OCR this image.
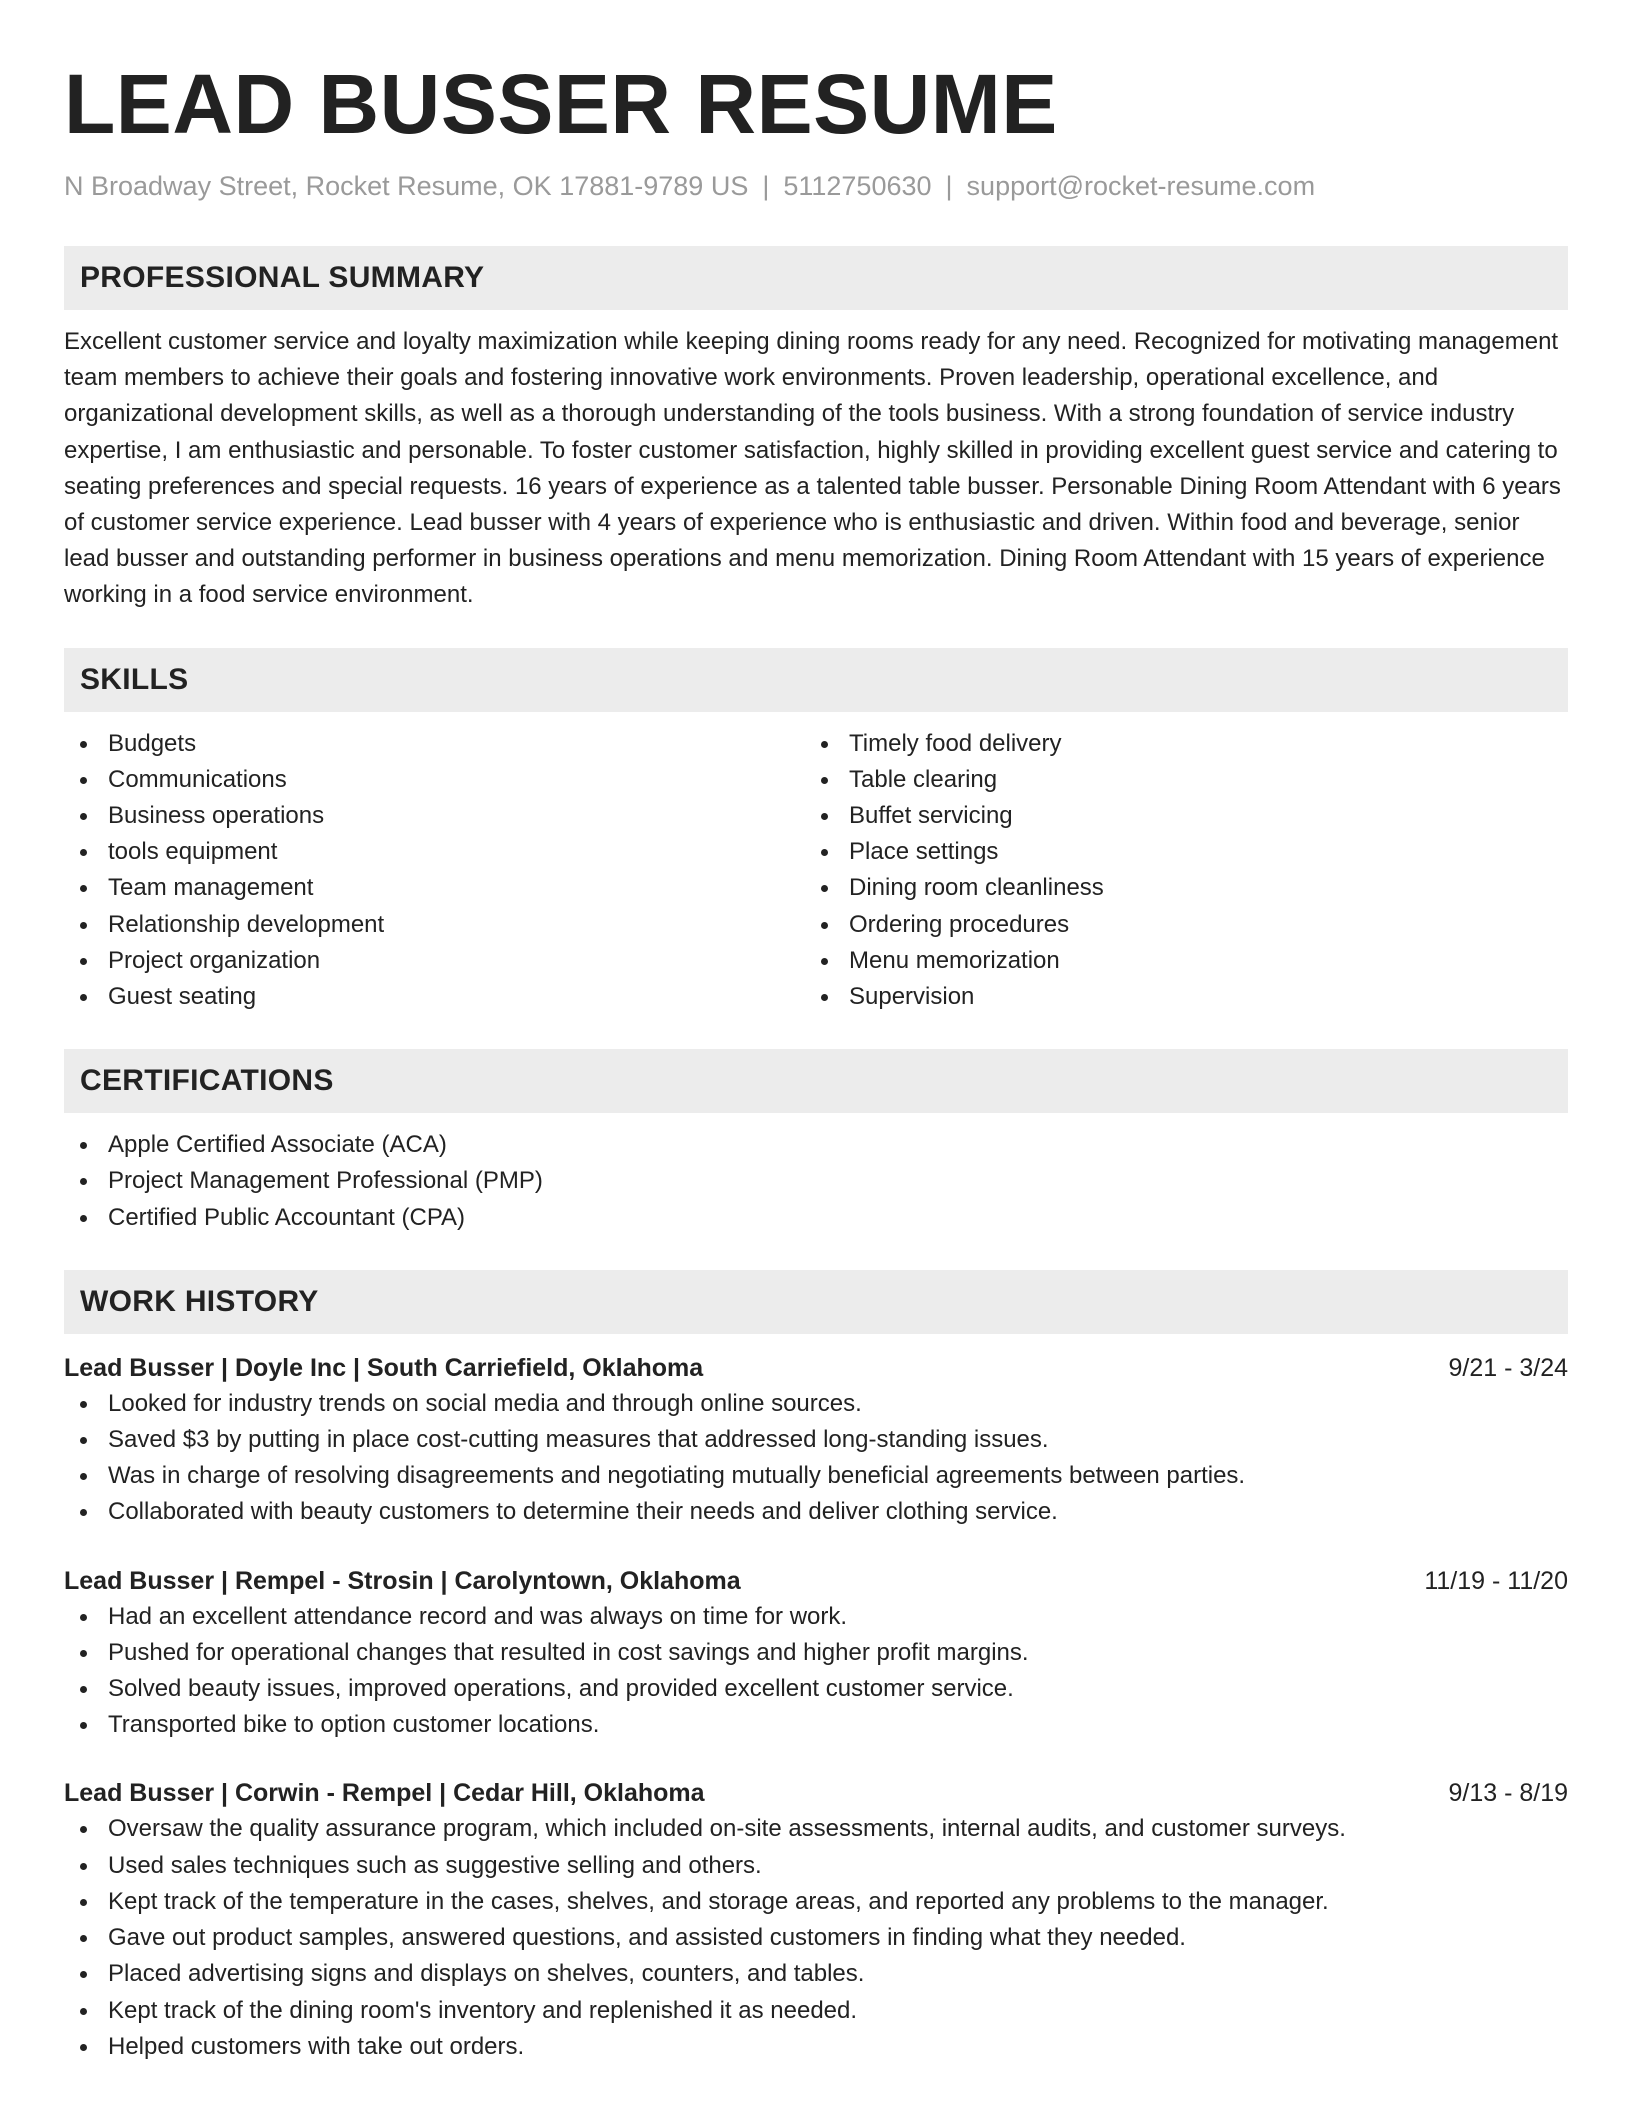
LEAD BUSSER RESUME
N Broadway Street, Rocket Resume, OK 17881-9789 US | 5112750630 | support@rocket-resume.com
PROFESSIONAL SUMMARY

Excellent customer service and loyalty maximization while keeping dining rooms ready for any need. Recognized for motivating management team members to achieve their goals and fostering innovative work environments. Proven leadership, operational excellence, and organizational development skills, as well as a thorough understanding of the tools business. With a strong foundation of service industry expertise, I am enthusiastic and personable. To foster customer satisfaction, highly skilled in providing excellent guest service and catering to seating preferences and special requests. 16 years of experience as a talented table busser. Personable Dining Room Attendant with 6 years of customer service experience. Lead busser with 4 years of experience who is enthusiastic and driven. Within food and beverage, senior lead busser and outstanding performer in business operations and menu memorization. Dining Room Attendant with 15 years of experience working in a food service environment.

SKILLS
Budgets
Communications
Business operations
tools equipment
Team management
Relationship development
Project organization
Guest seating
Timely food delivery
Table clearing
Buffet servicing
Place settings
Dining room cleanliness
Ordering procedures
Menu memorization
Supervision
CERTIFICATIONS
Apple Certified Associate (ACA)
Project Management Professional (PMP)
Certified Public Accountant (CPA)
WORK HISTORY
Lead Busser | Doyle Inc | South Carriefield, Oklahoma	9/21 - 3/24
Looked for industry trends on social media and through online sources.
Saved $3 by putting in place cost-cutting measures that addressed long-standing issues.
Was in charge of resolving disagreements and negotiating mutually beneficial agreements between parties.
Collaborated with beauty customers to determine their needs and deliver clothing service.
Lead Busser | Rempel - Strosin | Carolyntown, Oklahoma	11/19 - 11/20
Had an excellent attendance record and was always on time for work.
Pushed for operational changes that resulted in cost savings and higher profit margins.
Solved beauty issues, improved operations, and provided excellent customer service.
Transported bike to option customer locations.
Lead Busser | Corwin - Rempel | Cedar Hill, Oklahoma	9/13 - 8/19
Oversaw the quality assurance program, which included on-site assessments, internal audits, and customer surveys.
Used sales techniques such as suggestive selling and others.
Kept track of the temperature in the cases, shelves, and storage areas, and reported any problems to the manager.
Gave out product samples, answered questions, and assisted customers in finding what they needed.
Placed advertising signs and displays on shelves, counters, and tables.
Kept track of the dining room's inventory and replenished it as needed.
Helped customers with take out orders.
